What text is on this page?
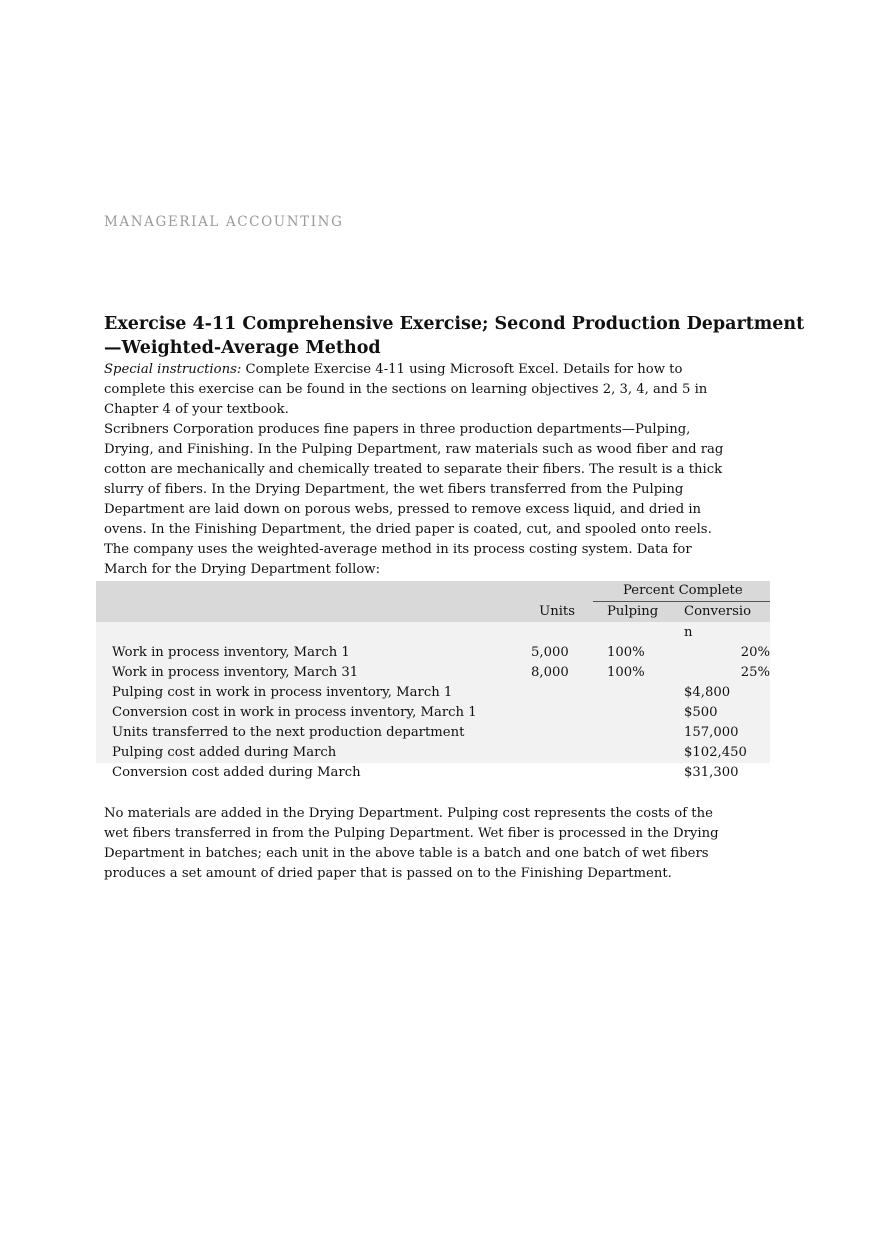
MANAGERIAL ACCOUNTING
Exercise 4-11 Comprehensive Exercise; Second Production Department
—Weighted-Average Method
Special instructions: Complete Exercise 4-11 using Microsoft Excel. Details for how to
complete this exercise can be found in the sections on learning objectives 2, 3, 4, and 5 in
Chapter 4 of your textbook.
Scribners Corporation produces fine papers in three production departments—Pulping,
Drying, and Finishing. In the Pulping Department, raw materials such as wood fiber and rag
cotton are mechanically and chemically treated to separate their fibers. The result is a thick
slurry of fibers. In the Drying Department, the wet fibers transferred from the Pulping
Department are laid down on porous webs, pressed to remove excess liquid, and dried in
ovens. In the Finishing Department, the dried paper is coated, cut, and spooled onto reels.
The company uses the weighted-average method in its process costing system. Data for
March for the Drying Department follow:
Percent Complete
Units Pulping Conversio
n
Work in process inventory, March 1	5,000	100%	20%
Work in process inventory, March 31	8,000	100%	25%
Pulping cost in work in process inventory, March 1	$4,800
Conversion cost in work in process inventory, March 1	$500
Units transferred to the next production department	157,000
Pulping cost added during March	$102,450
Conversion cost added during March	$31,300
No materials are added in the Drying Department. Pulping cost represents the costs of the
wet fibers transferred in from the Pulping Department. Wet fiber is processed in the Drying
Department in batches; each unit in the above table is a batch and one batch of wet fibers
produces a set amount of dried paper that is passed on to the Finishing Department.
